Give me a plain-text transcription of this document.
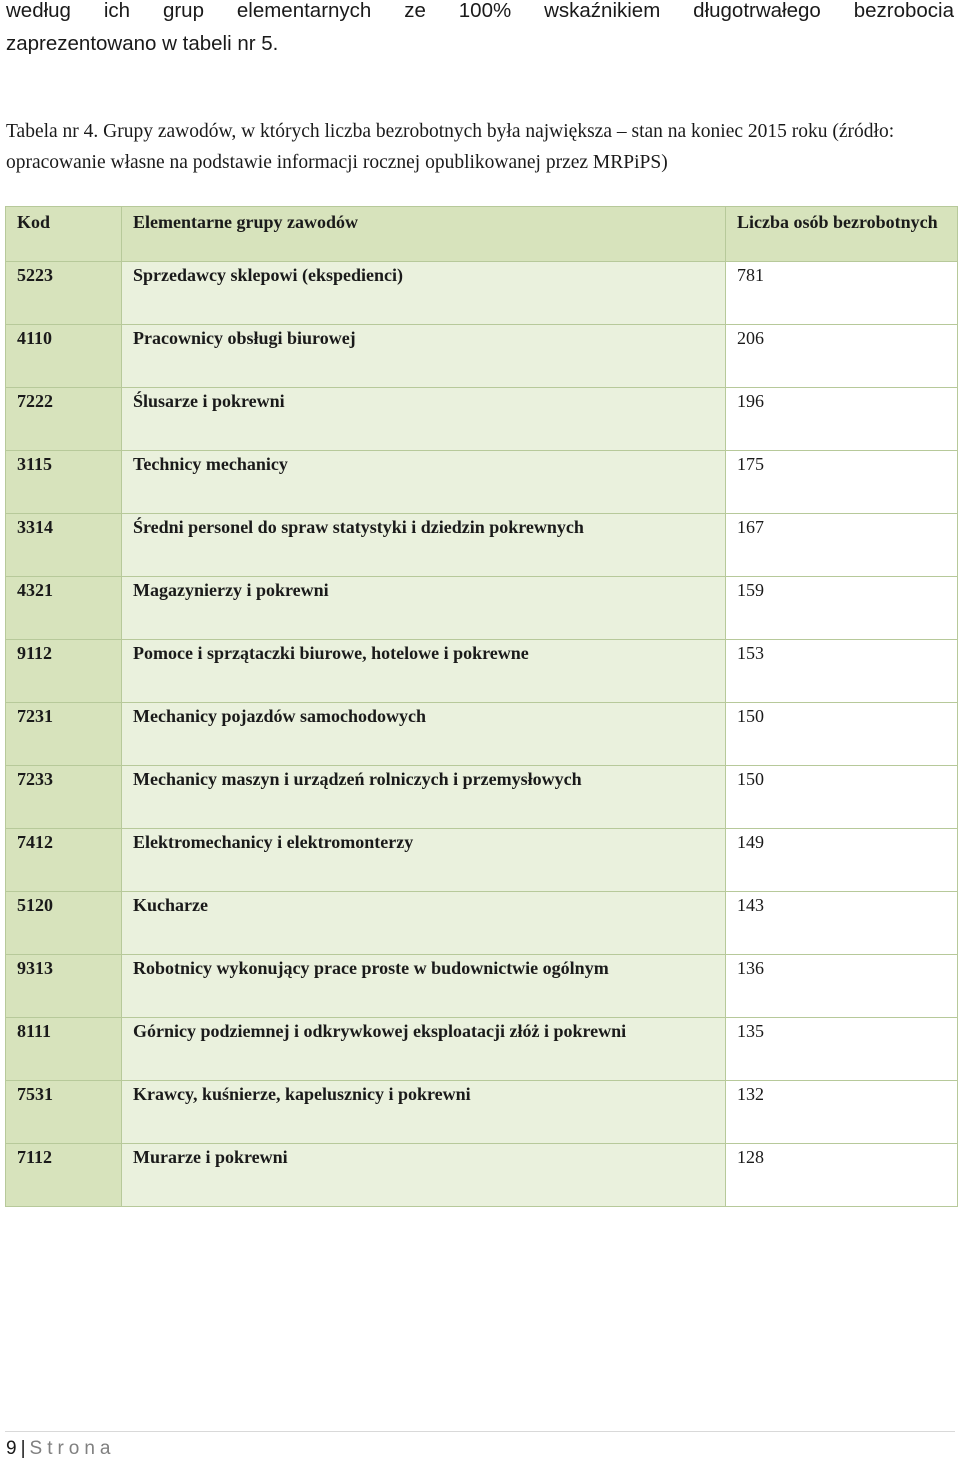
według ich grup elementarnych ze 100% wskaźnikiem długotrwałego bezrobocia
zaprezentowano w tabeli nr 5.
Tabela nr 4. Grupy zawodów, w których liczba bezrobotnych była największa – stan na koniec 2015 roku (źródło: opracowanie własne na podstawie informacji rocznej opublikowanej przez MRPiPS)
Kod	Elementarne grupy zawodów	Liczba osób bezrobotnych
5223	Sprzedawcy sklepowi (ekspedienci)	781
4110	Pracownicy obsługi biurowej	206
7222	Ślusarze i pokrewni	196
3115	Technicy mechanicy	175
3314	Średni personel do spraw statystyki i dziedzin pokrewnych	167
4321	Magazynierzy i pokrewni	159
9112	Pomoce i sprzątaczki biurowe, hotelowe i pokrewne	153
7231	Mechanicy pojazdów samochodowych	150
7233	Mechanicy maszyn i urządzeń rolniczych i przemysłowych	150
7412	Elektromechanicy i elektromonterzy	149
5120	Kucharze	143
9313	Robotnicy wykonujący prace proste w budownictwie ogólnym	136
8111	Górnicy podziemnej i odkrywkowej eksploatacji złóż i pokrewni	135
7531	Krawcy, kuśnierze, kapelusznicy i pokrewni	132
7112	Murarze i pokrewni	128
9 | Strona
